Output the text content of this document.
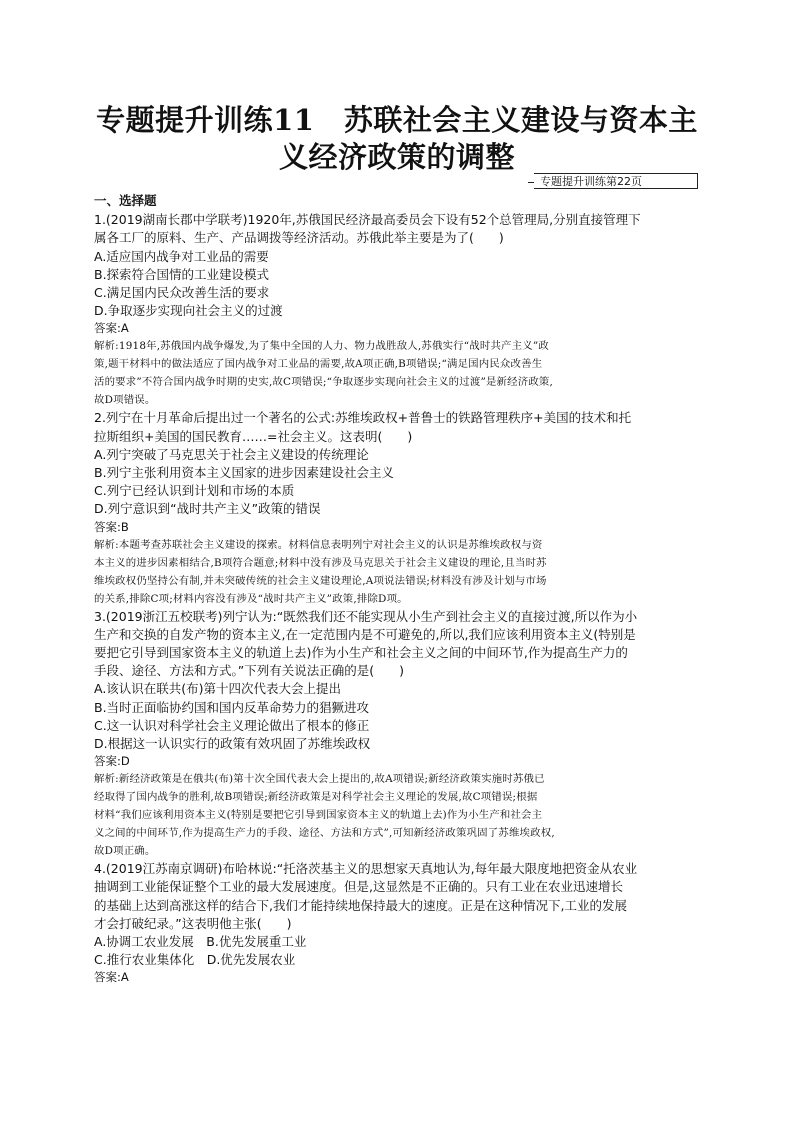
专题提升训练11　苏联社会主义建设与资本主
义经济政策的调整
专题提升训练第22页
一、选择题
1.(2019湖南长郡中学联考)1920年,苏俄国民经济最高委员会下设有52个总管理局,分别直接管理下
属各工厂的原料、生产、产品调拨等经济活动。苏俄此举主要是为了(　　)
A.适应国内战争对工业品的需要
B.探索符合国情的工业建设模式
C.满足国内民众改善生活的要求
D.争取逐步实现向社会主义的过渡
答案:A
解析:1918年,苏俄国内战争爆发,为了集中全国的人力、物力战胜敌人,苏俄实行“战时共产主义”政
策,题干材料中的做法适应了国内战争对工业品的需要,故A项正确,B项错误;“满足国内民众改善生
活的要求”不符合国内战争时期的史实,故C项错误;“争取逐步实现向社会主义的过渡”是新经济政策,
故D项错误。
2.列宁在十月革命后提出过一个著名的公式:苏维埃政权+普鲁士的铁路管理秩序+美国的技术和托
拉斯组织+美国的国民教育……=社会主义。这表明(　　)
A.列宁突破了马克思关于社会主义建设的传统理论
B.列宁主张利用资本主义国家的进步因素建设社会主义
C.列宁已经认识到计划和市场的本质
D.列宁意识到“战时共产主义”政策的错误
答案:B
解析:本题考查苏联社会主义建设的探索。材料信息表明列宁对社会主义的认识是苏维埃政权与资
本主义的进步因素相结合,B项符合题意;材料中没有涉及马克思关于社会主义建设的理论,且当时苏
维埃政权仍坚持公有制,并未突破传统的社会主义建设理论,A项说法错误;材料没有涉及计划与市场
的关系,排除C项;材料内容没有涉及“战时共产主义”政策,排除D项。
3.(2019浙江五校联考)列宁认为:“既然我们还不能实现从小生产到社会主义的直接过渡,所以作为小
生产和交换的自发产物的资本主义,在一定范围内是不可避免的,所以,我们应该利用资本主义(特别是
要把它引导到国家资本主义的轨道上去)作为小生产和社会主义之间的中间环节,作为提高生产力的
手段、途径、方法和方式。”下列有关说法正确的是(　　)
A.该认识在联共(布)第十四次代表大会上提出
B.当时正面临协约国和国内反革命势力的猖獗进攻
C.这一认识对科学社会主义理论做出了根本的修正
D.根据这一认识实行的政策有效巩固了苏维埃政权
答案:D
解析:新经济政策是在俄共(布)第十次全国代表大会上提出的,故A项错误;新经济政策实施时苏俄已
经取得了国内战争的胜利,故B项错误;新经济政策是对科学社会主义理论的发展,故C项错误;根据
材料“我们应该利用资本主义(特别是要把它引导到国家资本主义的轨道上去)作为小生产和社会主
义之间的中间环节,作为提高生产力的手段、途径、方法和方式”,可知新经济政策巩固了苏维埃政权,
故D项正确。
4.(2019江苏南京调研)布哈林说:“托洛茨基主义的思想家天真地认为,每年最大限度地把资金从农业
抽调到工业能保证整个工业的最大发展速度。但是,这显然是不正确的。只有工业在农业迅速增长
的基础上达到高涨这样的结合下,我们才能持续地保持最大的速度。正是在这种情况下,工业的发展
才会打破纪录。”这表明他主张(　　)
A.协调工农业发展　B.优先发展重工业
C.推行农业集体化　D.优先发展农业
答案:A
